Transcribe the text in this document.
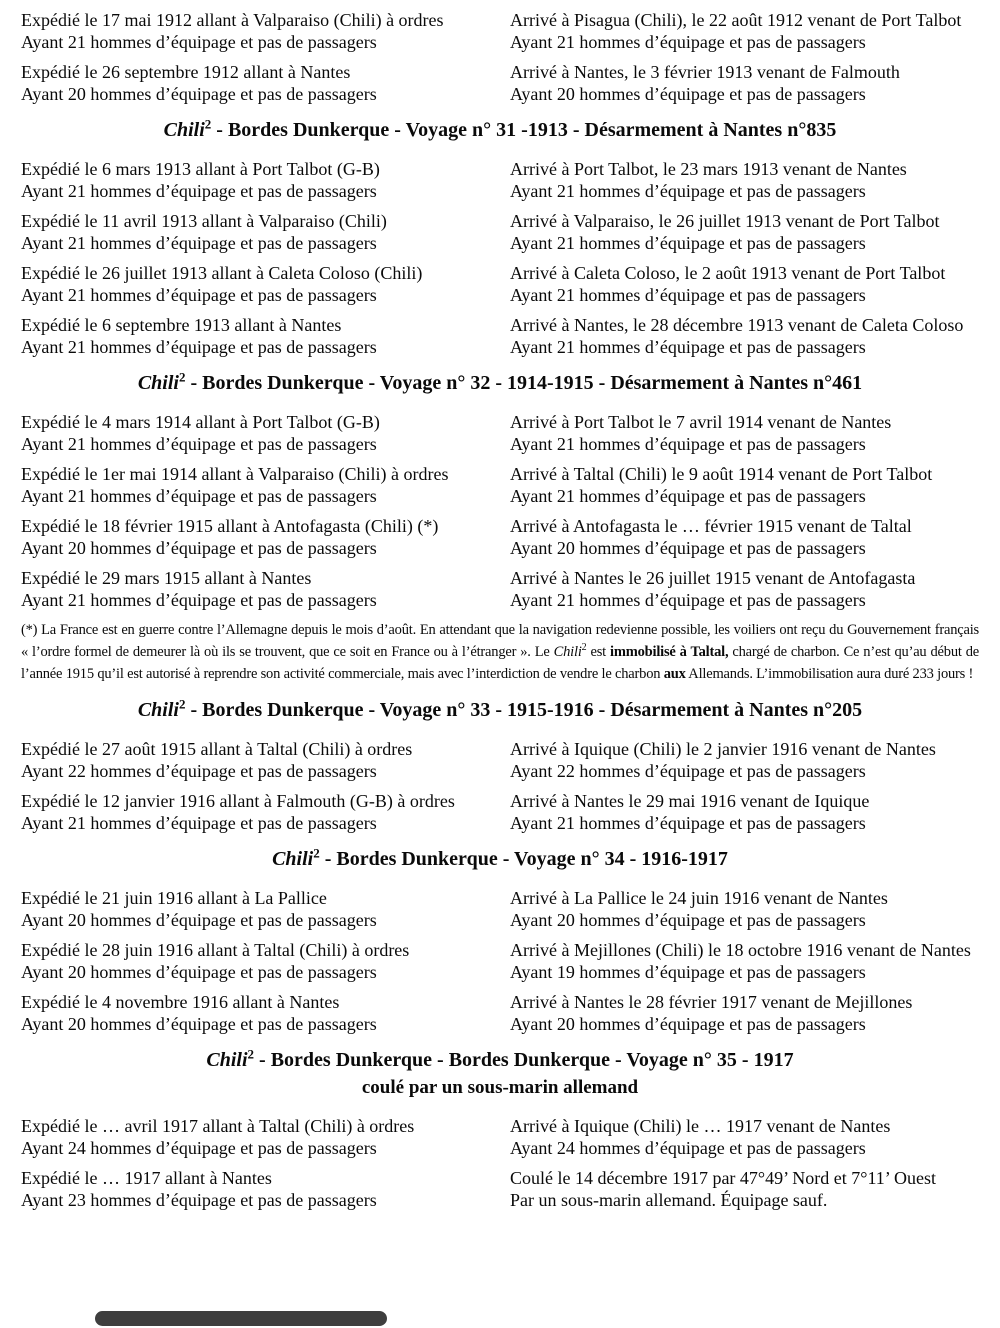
Expédié le 17 mai 1912 allant à Valparaiso (Chili) à ordres
Ayant 21 hommes d’équipage et pas de passagers
Arrivé à Pisagua (Chili), le 22 août 1912 venant de Port Talbot
Ayant 21 hommes d’équipage et pas de passagers
Expédié le 26 septembre 1912 allant à Nantes
Ayant 20 hommes d’équipage et pas de passagers
Arrivé à Nantes, le 3 février 1913 venant de Falmouth
Ayant 20 hommes d’équipage et pas de passagers
Chili$^2$ - Bordes Dunkerque - Voyage n° 31 -1913 - Désarmement à Nantes n°835
Expédié le 6 mars 1913 allant à Port Talbot (G-B)
Ayant 21 hommes d’équipage et pas de passagers
Arrivé à Port Talbot, le 23 mars 1913 venant de Nantes
Ayant 21 hommes d’équipage et pas de passagers
Expédié le 11 avril 1913 allant à Valparaiso (Chili)
Ayant 21 hommes d’équipage et pas de passagers
Arrivé à Valparaiso, le 26 juillet 1913 venant de Port Talbot
Ayant 21 hommes d’équipage et pas de passagers
Expédié le 26 juillet 1913 allant à Caleta Coloso (Chili)
Ayant 21 hommes d’équipage et pas de passagers
Arrivé à Caleta Coloso, le 2 août 1913 venant de Port Talbot
Ayant 21 hommes d’équipage et pas de passagers
Expédié le 6 septembre 1913 allant à Nantes
Ayant 21 hommes d’équipage et pas de passagers
Arrivé à Nantes, le 28 décembre 1913 venant de Caleta Coloso
Ayant 21 hommes d’équipage et pas de passagers
Chili$^2$ - Bordes Dunkerque - Voyage n° 32 - 1914-1915 - Désarmement à Nantes n°461
Expédié le 4 mars 1914 allant à Port Talbot (G-B)
Ayant 21 hommes d’équipage et pas de passagers
Arrivé à Port Talbot le 7 avril 1914 venant de Nantes
Ayant 21 hommes d’équipage et pas de passagers
Expédié le 1er mai 1914 allant à Valparaiso (Chili) à ordres
Ayant 21 hommes d’équipage et pas de passagers
Arrivé à Taltal (Chili) le 9 août 1914 venant de Port Talbot
Ayant 21 hommes d’équipage et pas de passagers
Expédié le 18 février 1915 allant à Antofagasta (Chili) (*)
Ayant 20 hommes d’équipage et pas de passagers
Arrivé à Antofagasta le … février 1915 venant de Taltal
Ayant 20 hommes d’équipage et pas de passagers
Expédié le 29 mars 1915 allant à Nantes
Ayant 21 hommes d’équipage et pas de passagers
Arrivé à Nantes le 26 juillet 1915 venant de Antofagasta
Ayant 21 hommes d’équipage et pas de passagers

(*) La France est en guerre contre l’Allemagne depuis le mois d’août. En attendant que la navigation redevienne possible, les voiliers ont reçu du Gouvernement français « l’ordre formel de demeurer là où ils se trouvent, que ce soit en France ou à l’étranger ». Le Chili$^2$ est immobilisé à Taltal, chargé de charbon. Ce n’est qu’au début de l’année 1915 qu’il est autorisé à reprendre son activité commerciale, mais avec l’interdiction de vendre le charbon aux Allemands. L’immobilisation aura duré 233 jours !

Chili$^2$ - Bordes Dunkerque - Voyage n° 33 - 1915-1916 - Désarmement à Nantes n°205
Expédié le 27 août 1915 allant à Taltal (Chili) à ordres
Ayant 22 hommes d’équipage et pas de passagers
Arrivé à Iquique (Chili) le 2 janvier 1916 venant de Nantes
Ayant 22 hommes d’équipage et pas de passagers
Expédié le 12 janvier 1916 allant à Falmouth (G-B) à ordres
Ayant 21 hommes d’équipage et pas de passagers
Arrivé à Nantes le 29 mai 1916 venant de Iquique
Ayant 21 hommes d’équipage et pas de passagers
Chili$^2$ - Bordes Dunkerque - Voyage n° 34 - 1916-1917
Expédié le 21 juin 1916 allant à La Pallice
Ayant 20 hommes d’équipage et pas de passagers
Arrivé à La Pallice le 24 juin 1916 venant de Nantes
Ayant 20 hommes d’équipage et pas de passagers
Expédié le 28 juin 1916 allant à Taltal (Chili) à ordres
Ayant 20 hommes d’équipage et pas de passagers
Arrivé à Mejillones (Chili) le 18 octobre 1916 venant de Nantes
Ayant 19 hommes d’équipage et pas de passagers
Expédié le 4 novembre 1916 allant à Nantes
Ayant 20 hommes d’équipage et pas de passagers
Arrivé à Nantes le 28 février 1917 venant de Mejillones
Ayant 20 hommes d’équipage et pas de passagers
Chili$^2$ - Bordes Dunkerque - Bordes Dunkerque - Voyage n° 35 - 1917
coulé par un sous-marin allemand
Expédié le … avril 1917 allant à Taltal (Chili) à ordres
Ayant 24 hommes d’équipage et pas de passagers
Arrivé à Iquique (Chili) le … 1917 venant de Nantes
Ayant 24 hommes d’équipage et pas de passagers
Expédié le … 1917 allant à Nantes
Ayant 23 hommes d’équipage et pas de passagers
Coulé le 14 décembre 1917 par 47°49’ Nord et 7°11’ Ouest
Par un sous-marin allemand. Équipage sauf.
